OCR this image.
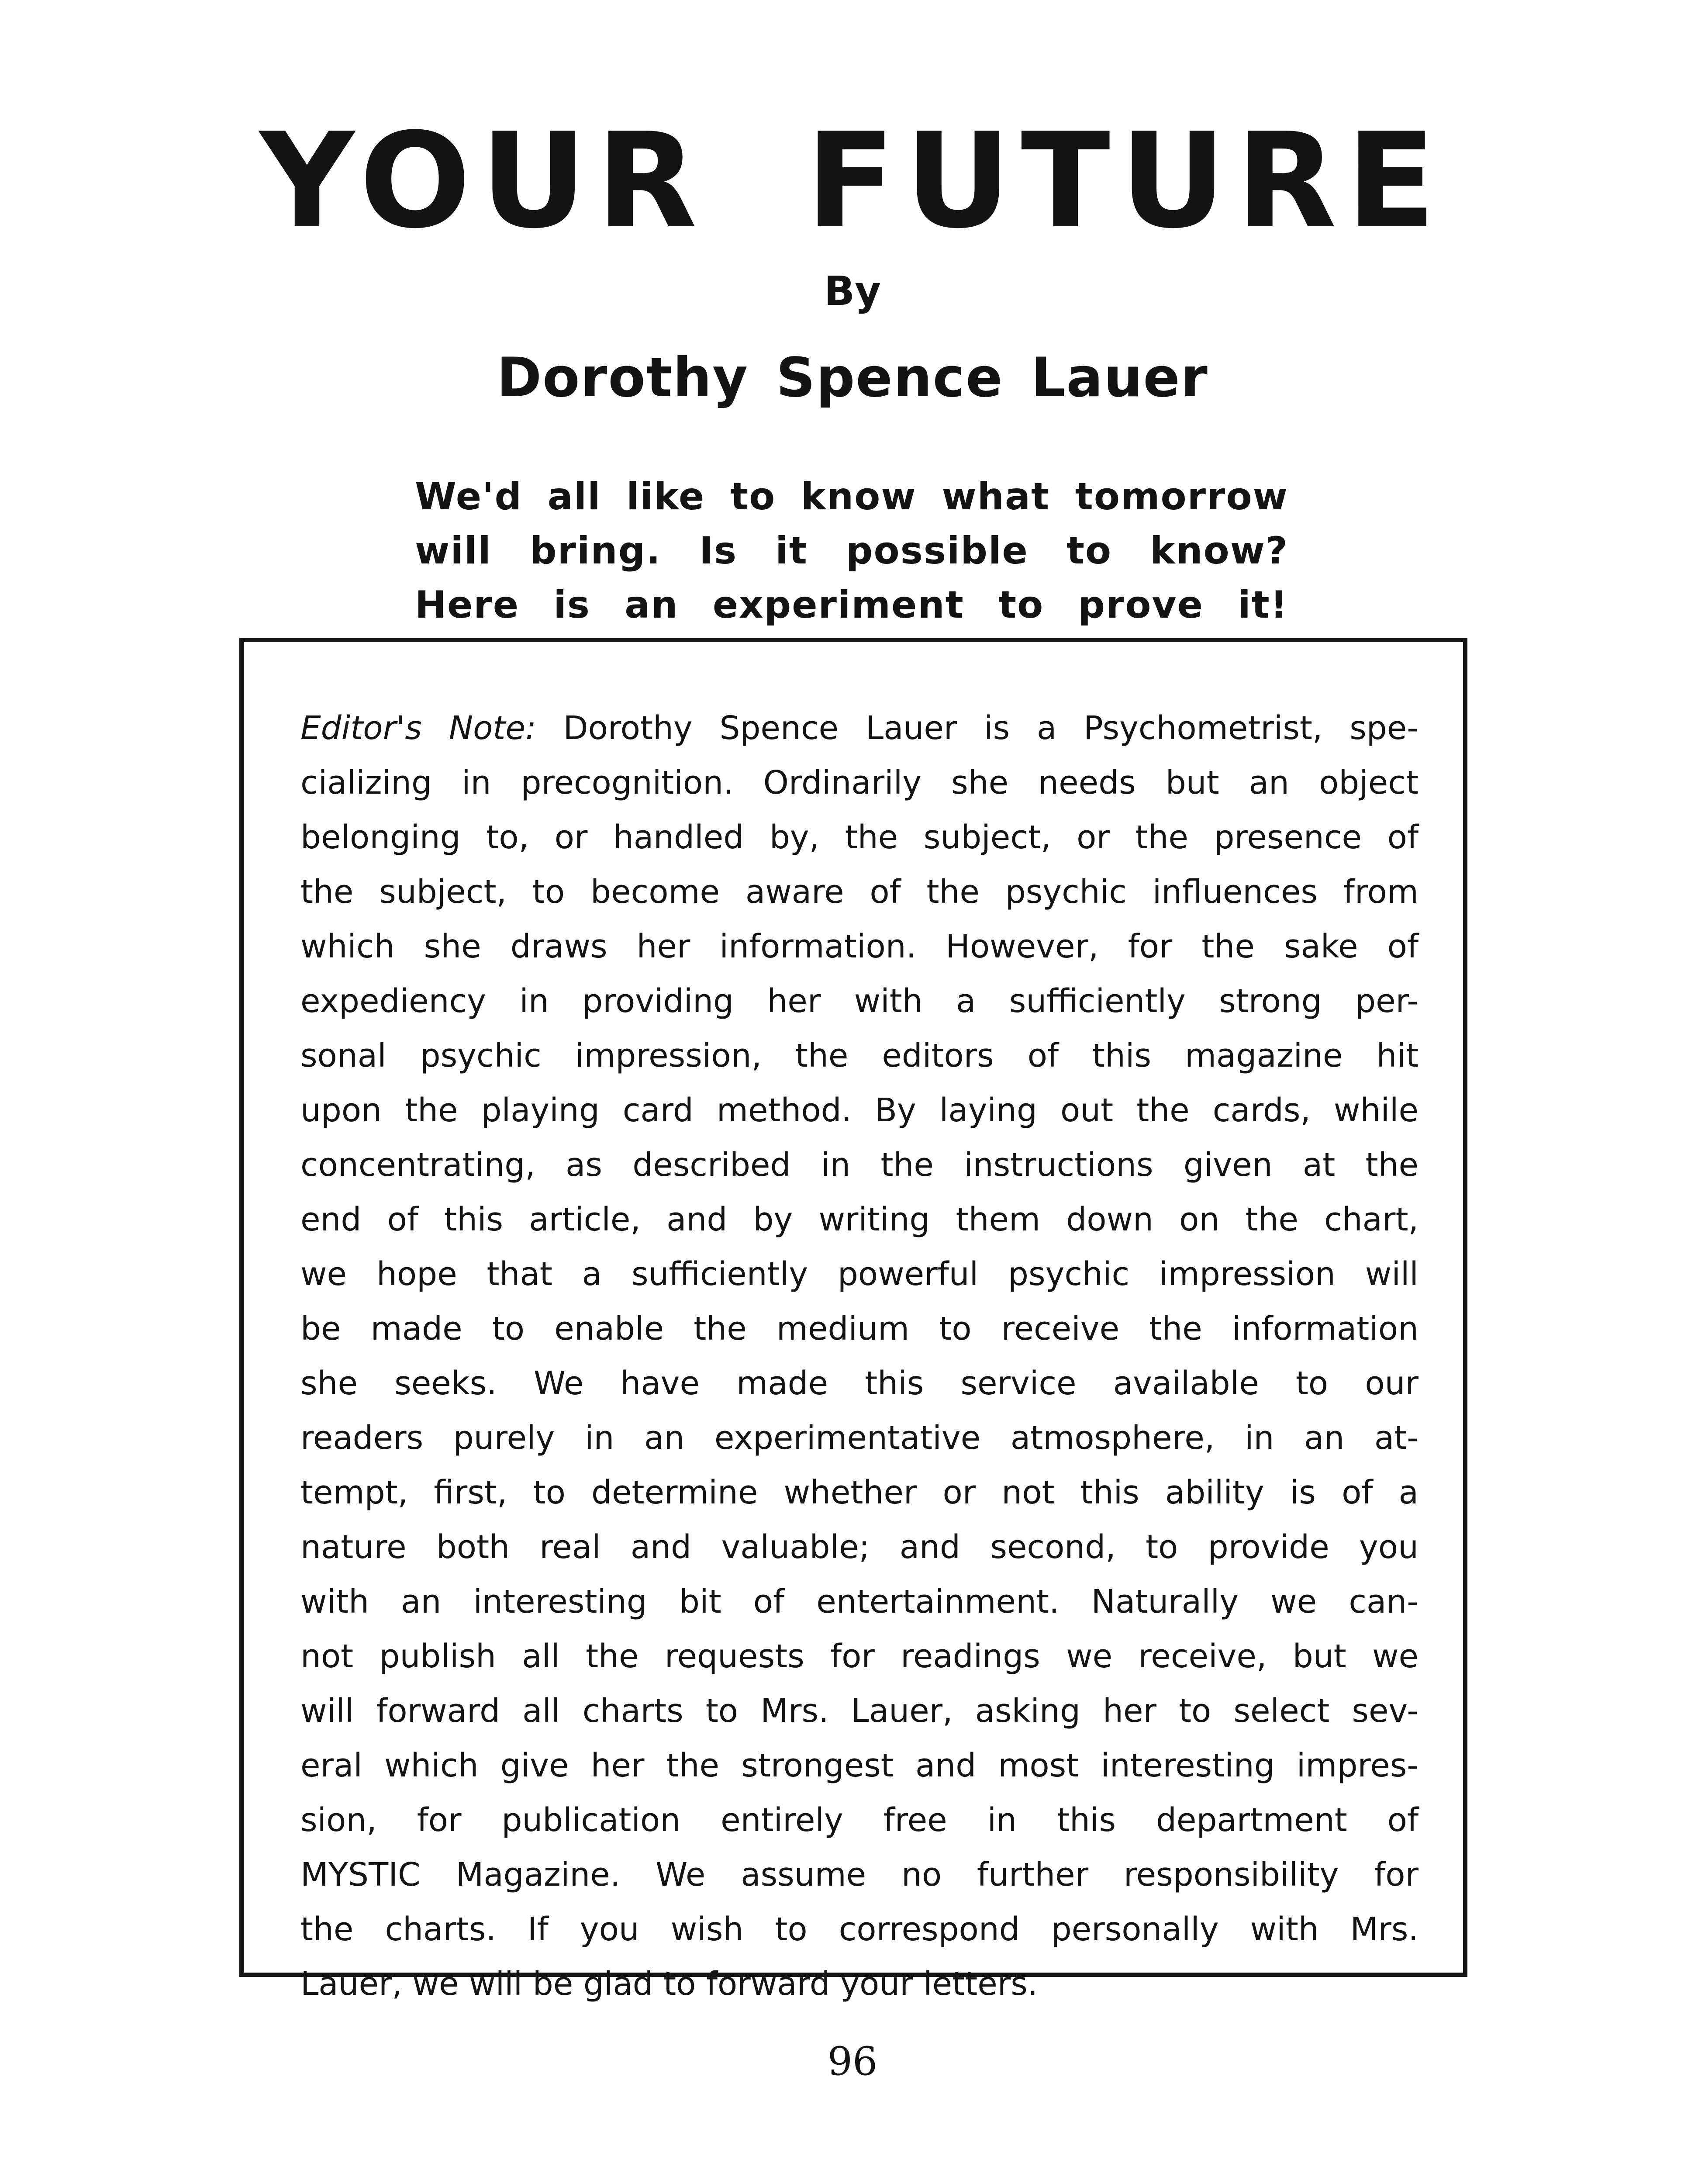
YOUR FUTURE
By
Dorothy Spence Lauer
We'd all like to know what tomorrow
will bring. Is it possible to know?
Here is an experiment to prove it!
Editor's Note: Dorothy Spence Lauer is a Psychometrist, spe-
cializing in precognition. Ordinarily she needs but an object
belonging to, or handled by, the subject, or the presence of
the subject, to become aware of the psychic influences from
which she draws her information. However, for the sake of
expediency in providing her with a sufficiently strong per-
sonal psychic impression, the editors of this magazine hit
upon the playing card method. By laying out the cards, while
concentrating, as described in the instructions given at the
end of this article, and by writing them down on the chart,
we hope that a sufficiently powerful psychic impression will
be made to enable the medium to receive the information
she seeks. We have made this service available to our
readers purely in an experimentative atmosphere, in an at-
tempt, first, to determine whether or not this ability is of a
nature both real and valuable; and second, to provide you
with an interesting bit of entertainment. Naturally we can-
not publish all the requests for readings we receive, but we
will forward all charts to Mrs. Lauer, asking her to select sev-
eral which give her the strongest and most interesting impres-
sion, for publication entirely free in this department of
MYSTIC Magazine. We assume no further responsibility for
the charts. If you wish to correspond personally with Mrs.
Lauer, we will be glad to forward your letters.
96
